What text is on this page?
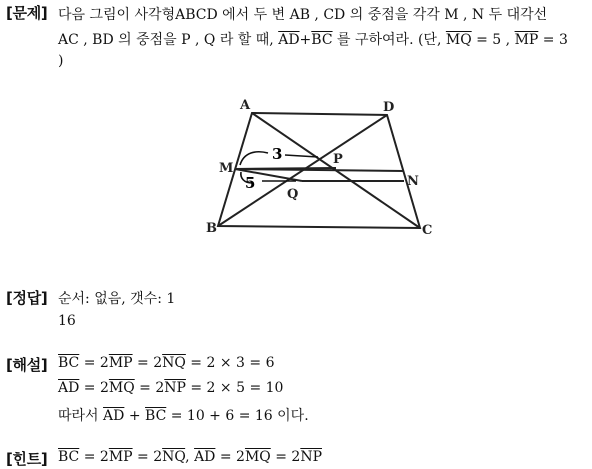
[문제] 다음 그림이 사각형ABCD 에서 두 변 AB , CD 의 중점을 각각 M , N 두 대각선
AC , BD 의 중점을 P , Q 라 할 때, $\overline{AD}+\overline{BC}$ 를 구하여라. (단, $\overline{MQ} = 5$ , $\overline{MP} = 3$
)
3
5
A	D
M
P
N
Q
B	C
[정답] 순서: 없음, 갯수: 1
16
[해설] $\overline{BC} = 2\overline{MP} = 2\overline{NQ} = 2 \times 3 = 6$
$\overline{AD} = 2\overline{MQ} = 2\overline{NP} = 2 \times 5 = 10$
따라서 $\overline{AD} + \overline{BC} = 10 + 6 = 16$ 이다.
[힌트] $\overline{BC} = 2\overline{MP} = 2\overline{NQ}$, $\overline{AD} = 2\overline{MQ} = 2\overline{NP}$
